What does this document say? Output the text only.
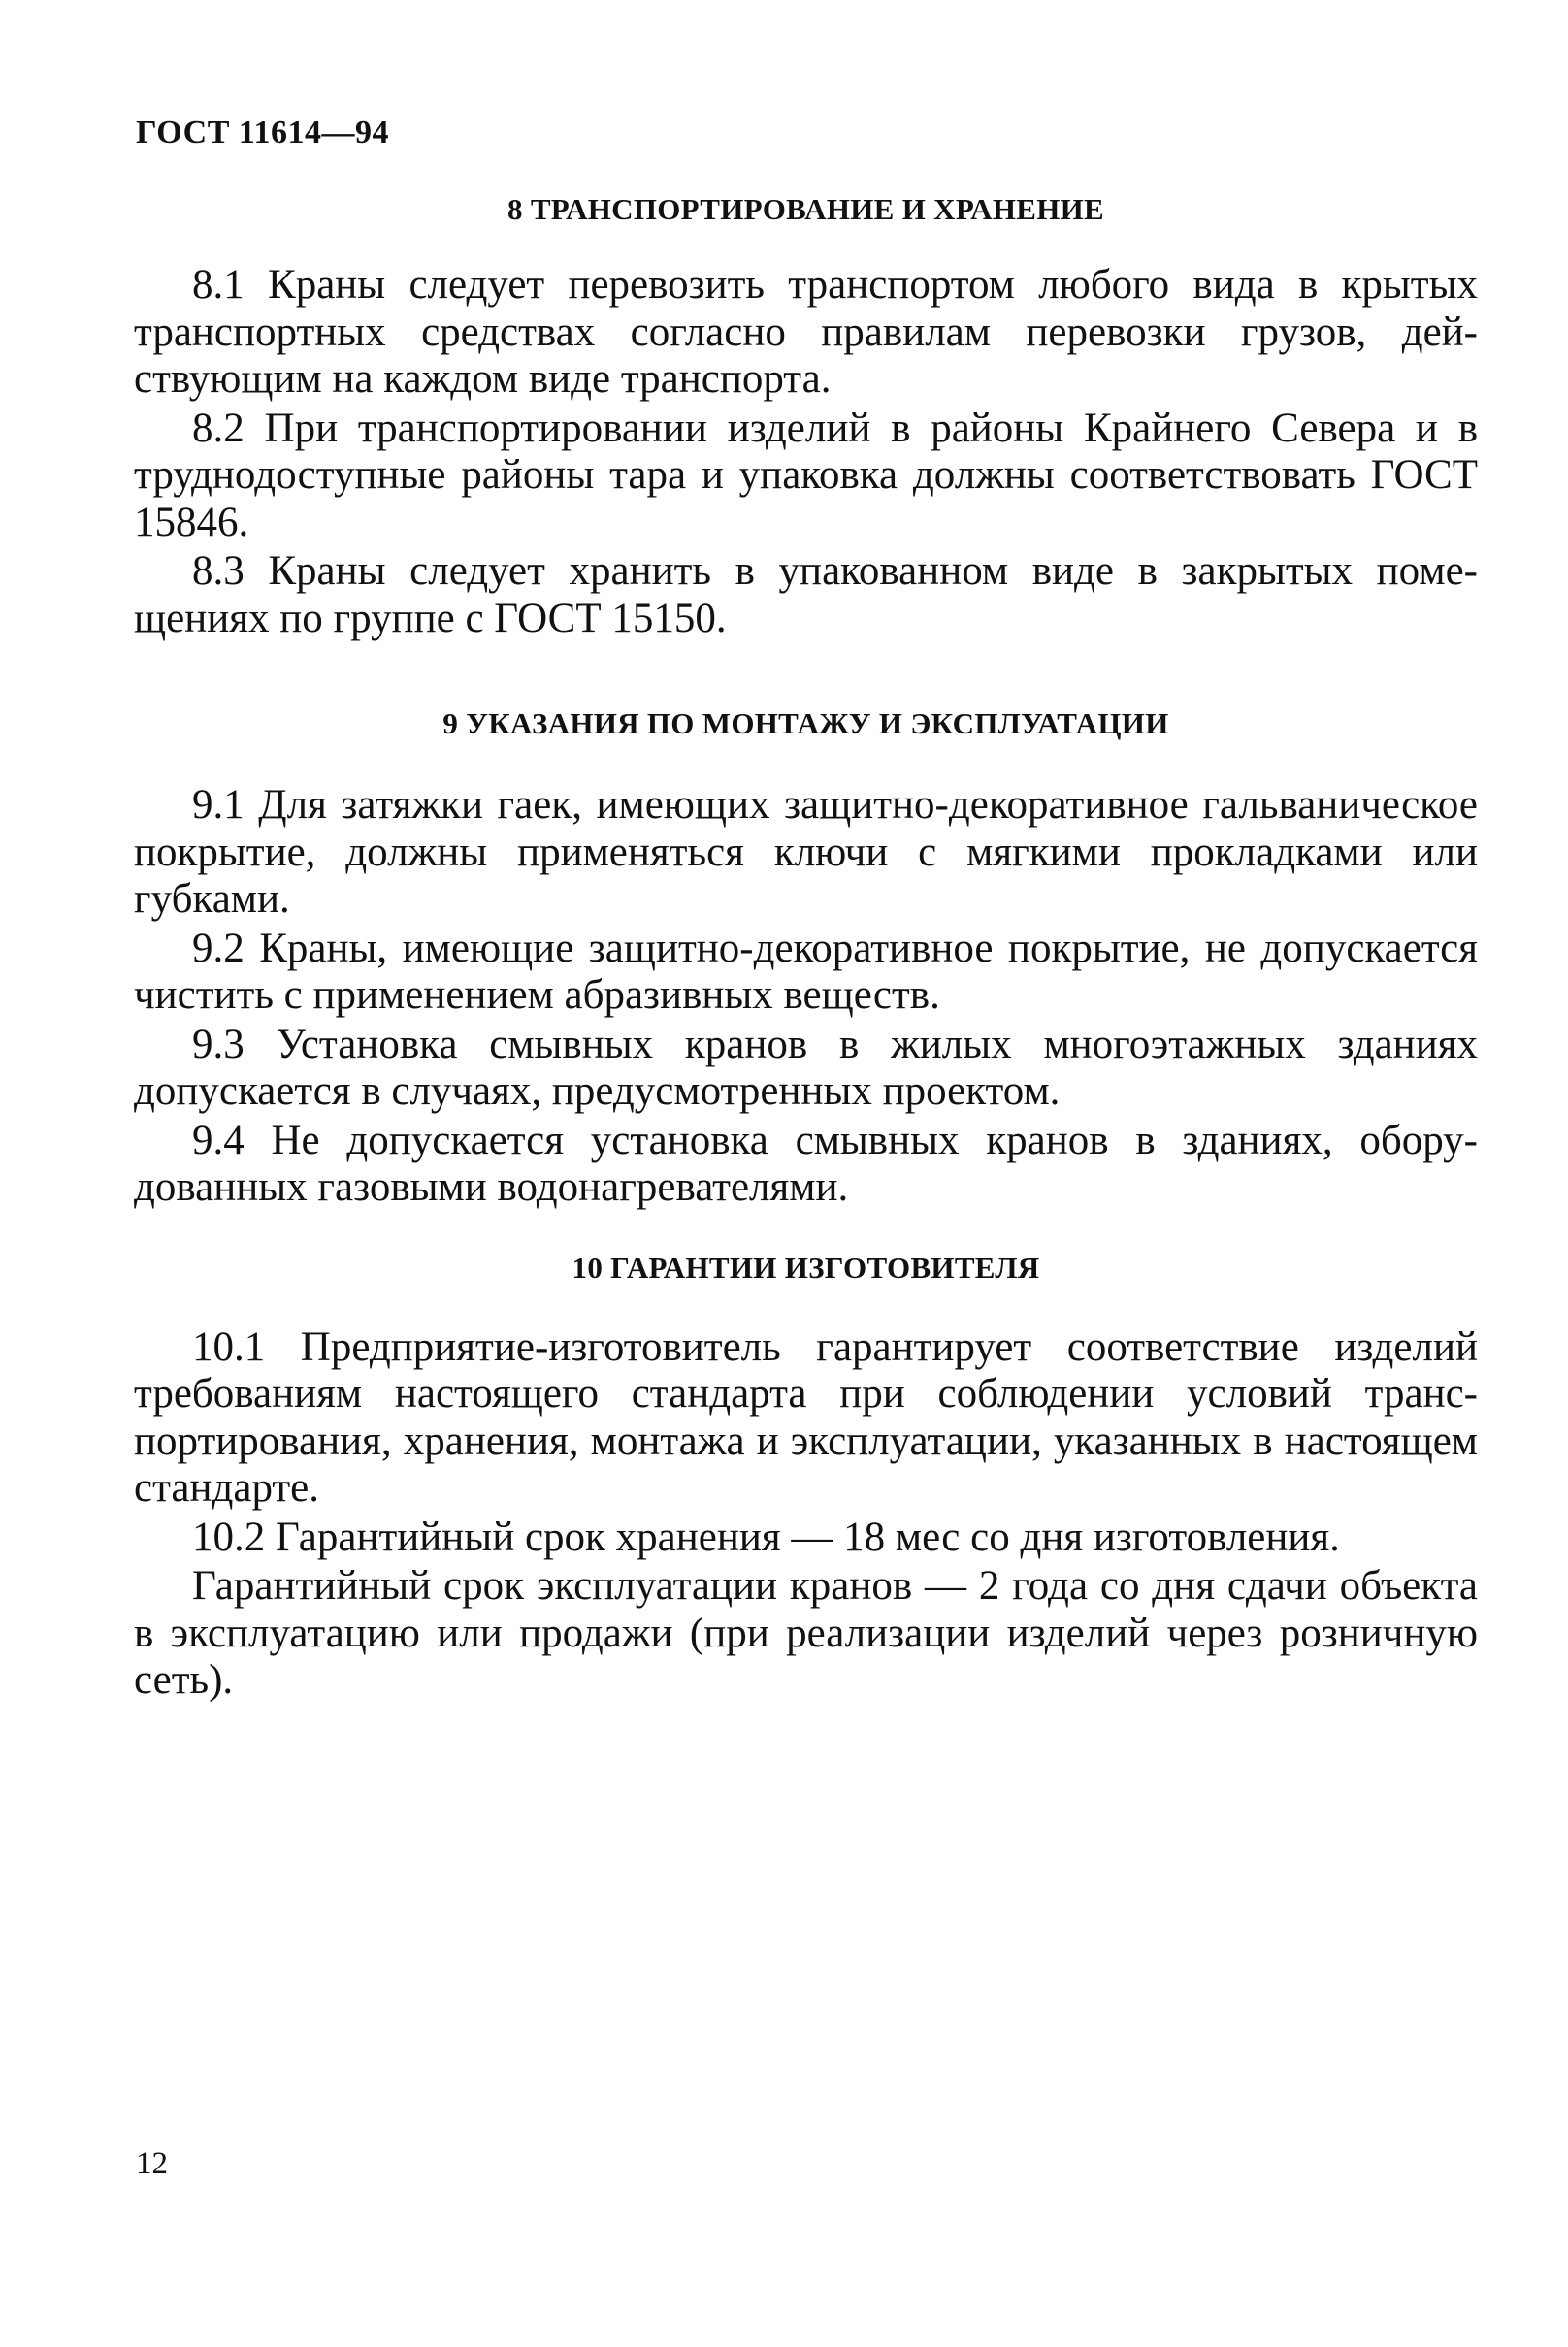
ГОСТ 11614—94
8 ТРАНСПОРТИРОВАНИЕ И ХРАНЕНИЕ

8.1 Краны следует перевозить транспортом любого вида в крытых транспортных средствах согласно правилам перевозки грузов, действующим на каждом виде транспорта.

8.2 При транспортировании изделий в районы Крайнего Севера и в труднодоступные районы тара и упаковка должны соответствовать ГОСТ 15846.

8.3 Краны следует хранить в упакованном виде в закрытых помещениях по группе с ГОСТ 15150.

9 УКАЗАНИЯ ПО МОНТАЖУ И ЭКСПЛУАТАЦИИ

9.1 Для затяжки гаек, имеющих защитно-декоративное гальваническое покрытие, должны применяться ключи с мягкими прокладками или губками.

9.2 Краны, имеющие защитно-декоративное покрытие, не допускается чистить с применением абразивных веществ.

9.3 Установка смывных кранов в жилых многоэтажных зданиях допускается в случаях, предусмотренных проектом.

9.4 Не допускается установка смывных кранов в зданиях, оборудованных газовыми водонагревателями.

10 ГАРАНТИИ ИЗГОТОВИТЕЛЯ

10.1 Предприятие-изготовитель гарантирует соответствие изделий требованиям настоящего стандарта при соблюдении условий транспортирования, хранения, монтажа и эксплуатации, указанных в настоящем стандарте.

10.2 Гарантийный срок хранения — 18 мес со дня изготовления.

Гарантийный срок эксплуатации кранов — 2 года со дня сдачи объекта в эксплуатацию или продажи (при реализации изделий через розничную сеть).

12
